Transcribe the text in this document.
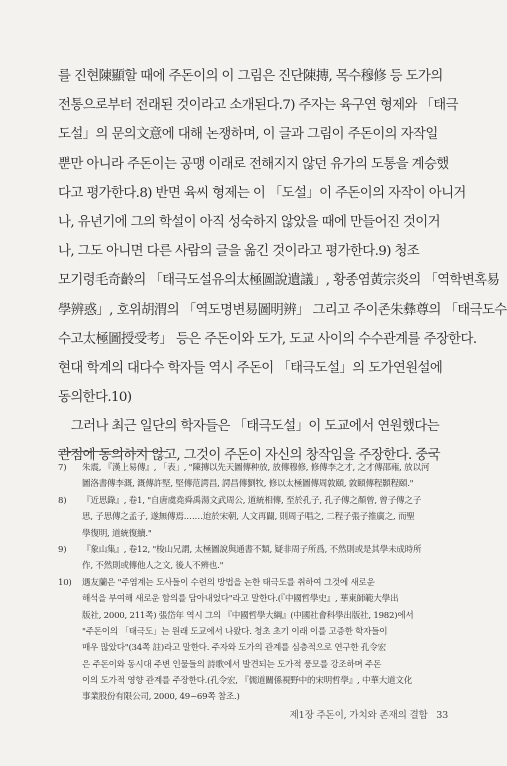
를 진현陳顯할 때에 주돈이의 이 그림은 진단陳摶, 목수穆修 등 도가의
전통으로부터 전래된 것이라고 소개된다.7) 주자는 육구연 형제와 「태극
도설」의 문의文意에 대해 논쟁하며, 이 글과 그림이 주돈이의 자작일
뿐만 아니라 주돈이는 공맹 이래로 전해지지 않던 유가의 도통을 계승했
다고 평가한다.8) 반면 육씨 형제는 이 「도설」이 주돈이의 자작이 아니거
나, 유년기에 그의 학설이 아직 성숙하지 않았을 때에 만들어진 것이거
나, 그도 아니면 다른 사람의 글을 옮긴 것이라고 평가한다.9) 청조
모기령毛奇齡의 「태극도설유의太極圖說遺議」, 황종염黃宗炎의 「역학변혹易
學辨惑」, 호위胡渭의 「역도명변易圖明辨」 그리고 주이존朱彝尊의 「태극도수
수고太極圖授受考」 등은 주돈이와 도가, 도교 사이의 수수관계를 주장한다.
현대 학계의 대다수 학자들 역시 주돈이 「태극도설」의 도가연원설에
동의한다.10)
　그러나 최근 일단의 학자들은 「태극도설」이 도교에서 연원했다는
관점에 동의하지 않고, 그것이 주돈이 자신의 창작임을 주장한다. 중국
7) 朱震, 『漢上易傳』, 「表」, "陳摶以先天圖傳种放, 放傳穆修, 修傳李之才, 之才傳邵雍, 放以河
圖洛書傳李溉, 溉傳許堅, 堅傳范諤昌, 諤昌傳劉牧, 修以太極圖傳周敦頤, 敦頤傳程顥程頤."
8) 『近思錄』, 卷1, "自唐虞堯舜禹湯文武周公, 道統相傳, 至於孔子, 孔子傳之顏曾, 曾子傳之子
思, 子思傳之孟子, 遂無傳焉.……迨於宋朝, 人文再闢, 則周子唱之, 二程子張子推廣之, 而聖
學復明, 道統復續."
9) 『象山集』, 卷12, "梭山兄謂, 太極圖說與通書不類, 疑非周子所爲, 不然則或是其學未成時所
作, 不然則或傳他人之文, 後人不辨也."
10) 遇友蘭은 "주염계는 도사들이 수련의 방법을 논한 태극도를 취하여 그것에 새로운
해석을 부여해 새로운 함의를 담아내었다"라고 말한다.(『中國哲學史』, 華東師範大學出
版社, 2000, 211쪽) 張岱年 역시 그의 『中國哲學大綱』(中國社會科學出版社, 1982)에서
"주돈이의 「태극도」는 원래 도교에서 나왔다. 청초 초기 이래 이를 고증한 학자들이
매우 많았다"(34쪽 註)라고 말한다. 주자와 도가의 관계를 심층적으로 연구한 孔令宏
은 주돈이와 동시대 주변 인물들의 詩歌에서 발견되는 도가적 풍모를 강조하며 주돈
이의 도가적 영향 관계를 주장한다.(孔令宏, 『儒道關係視野中的宋明哲學』, 中華大道文化
事業股份有限公司, 2000, 49~69쪽 참조.)
제1장 주돈이, 가치와 존재의 결합 33
